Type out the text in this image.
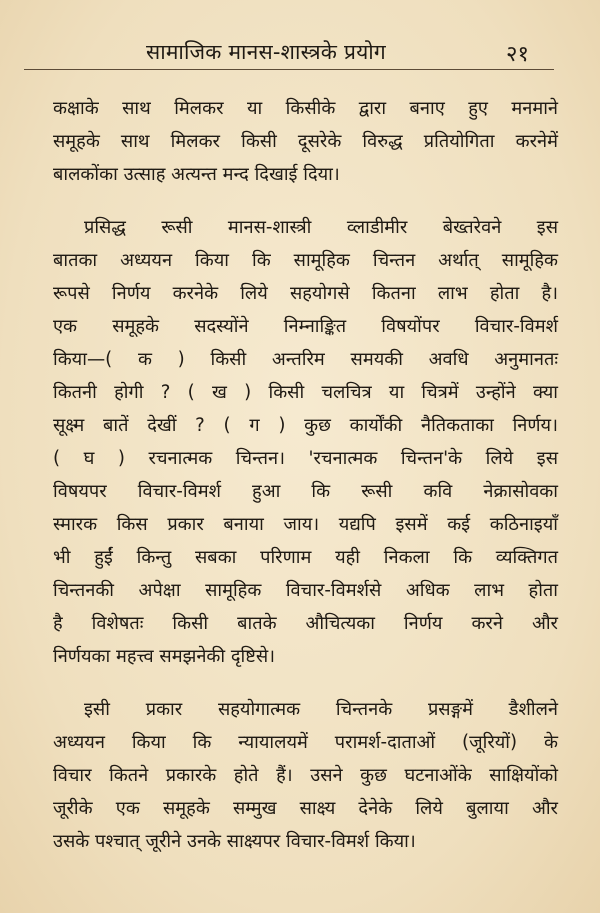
सामाजिक मानस-शास्त्रके प्रयोग	२१
कक्षाके साथ मिलकर या किसीके द्वारा बनाए हुए मनमाने
समूहके साथ मिलकर किसी दूसरेके विरुद्ध प्रतियोगिता करनेमें
बालकोंका उत्साह अत्यन्त मन्द दिखाई दिया।
प्रसिद्ध रूसी मानस-शास्त्री व्लाडीमीर बेख्तरेवने इस
बातका अध्ययन किया कि सामूहिक चिन्तन अर्थात् सामूहिक
रूपसे निर्णय करनेके लिये सहयोगसे कितना लाभ होता है।
एक समूहके सदस्योंने निम्नाङ्कित विषयोंपर विचार-विमर्श
किया—( क ) किसी अन्तरिम समयकी अवधि अनुमानतः
कितनी होगी ? ( ख ) किसी चलचित्र या चित्रमें उन्होंने क्या
सूक्ष्म बातें देखीं ? ( ग ) कुछ कार्योंकी नैतिकताका निर्णय।
( घ ) रचनात्मक चिन्तन। 'रचनात्मक चिन्तन'के लिये इस
विषयपर विचार-विमर्श हुआ कि रूसी कवि नेक्रासोवका
स्मारक किस प्रकार बनाया जाय। यद्यपि इसमें कई कठिनाइयाँ
भी हुईं किन्तु सबका परिणाम यही निकला कि व्यक्तिगत
चिन्तनकी अपेक्षा सामूहिक विचार-विमर्शसे अधिक लाभ होता
है विशेषतः किसी बातके औचित्यका निर्णय करने और
निर्णयका महत्त्व समझनेकी दृष्टिसे।
इसी प्रकार सहयोगात्मक चिन्तनके प्रसङ्गमें डैशीलने
अध्ययन किया कि न्यायालयमें परामर्श-दाताओं (जूरियों) के
विचार कितने प्रकारके होते हैं। उसने कुछ घटनाओंके साक्षियोंको
जूरीके एक समूहके सम्मुख साक्ष्य देनेके लिये बुलाया और
उसके पश्चात् जूरीने उनके साक्ष्यपर विचार-विमर्श किया।
